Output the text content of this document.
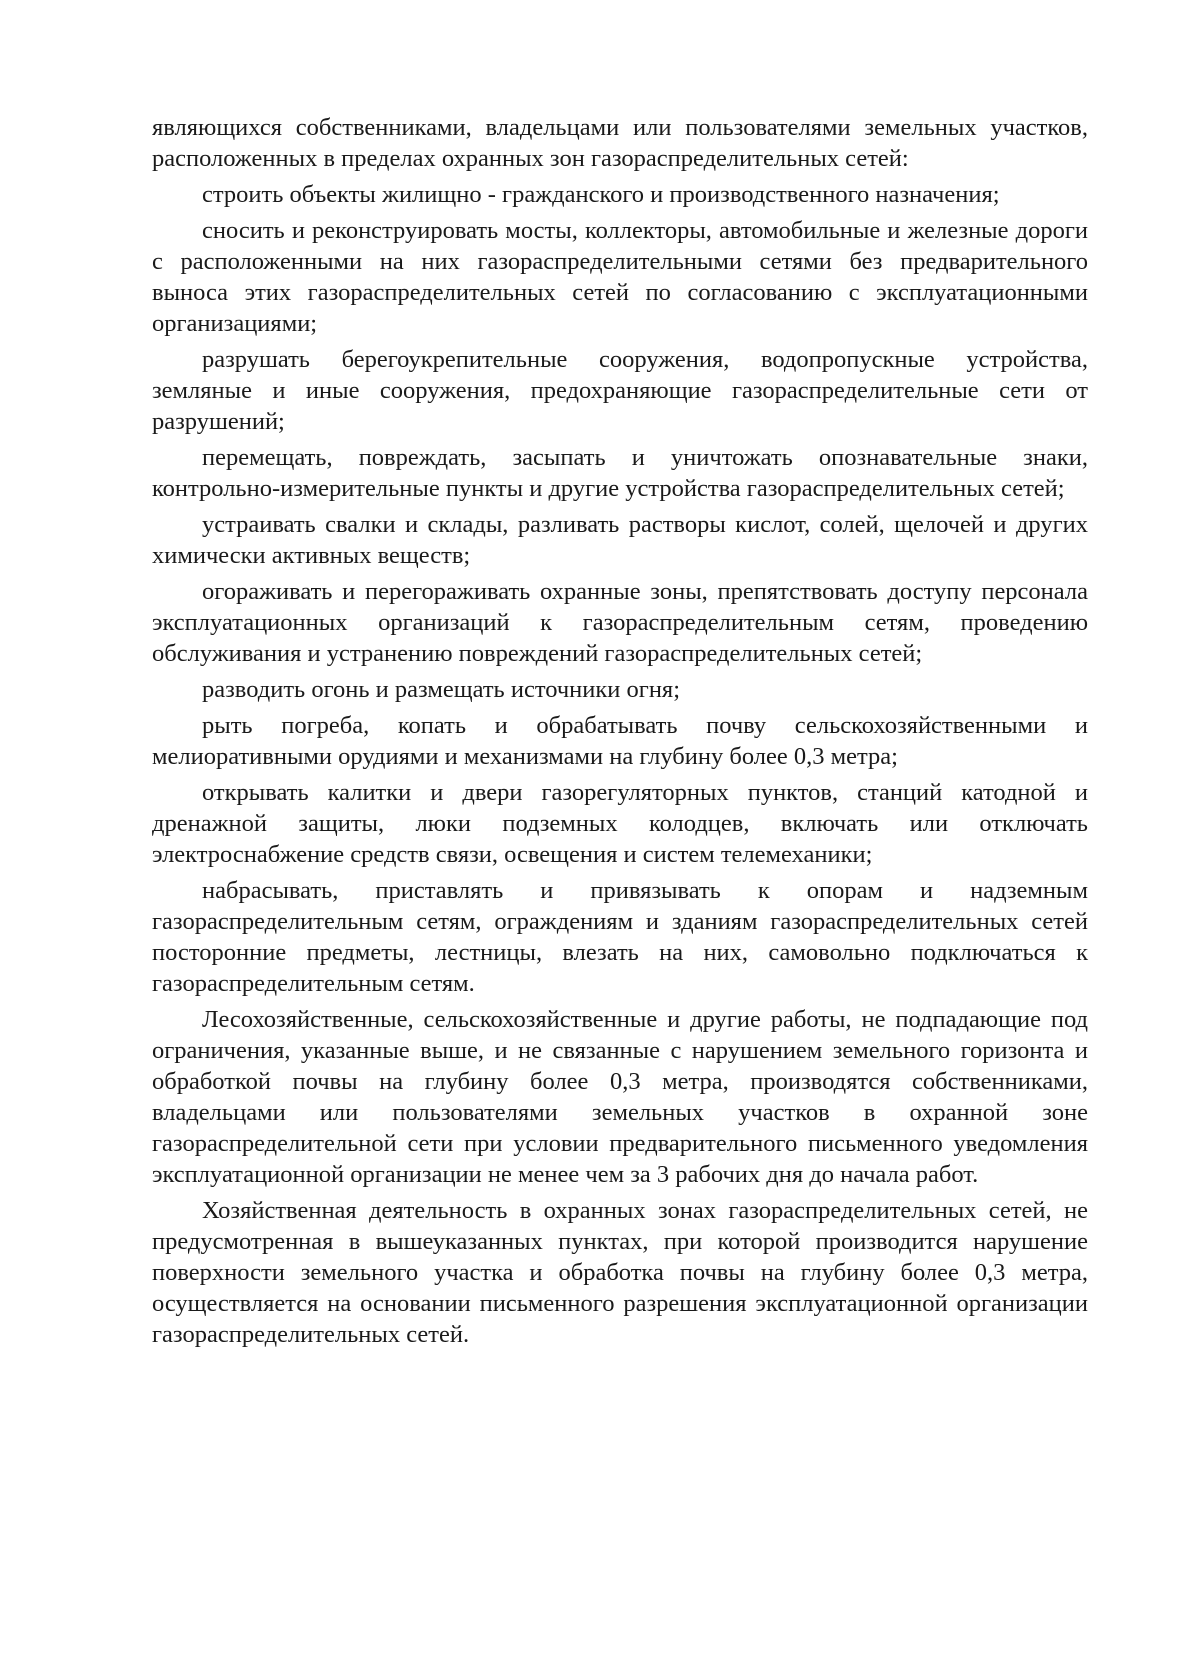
являющихся собственниками, владельцами или пользователями земельных участков, расположенных в пределах охранных зон газораспределительных сетей:

строить объекты жилищно - гражданского и производственного назначения;

сносить и реконструировать мосты, коллекторы, автомобильные и железные дороги с расположенными на них газораспределительными сетями без предварительного выноса этих газораспределительных сетей по согласованию с эксплуатационными организациями;

разрушать берегоукрепительные сооружения, водопропускные устройства, земляные и иные сооружения, предохраняющие газораспределительные сети от разрушений;

перемещать, повреждать, засыпать и уничтожать опознавательные знаки, контрольно-измерительные пункты и другие устройства газораспределительных сетей;

устраивать свалки и склады, разливать растворы кислот, солей, щелочей и других химически активных веществ;

огораживать и перегораживать охранные зоны, препятствовать доступу персонала эксплуатационных организаций к газораспределительным сетям, проведению обслуживания и устранению повреждений газораспределительных сетей;

разводить огонь и размещать источники огня;

рыть погреба, копать и обрабатывать почву сельскохозяйственными и мелиоративными орудиями и механизмами на глубину более 0,3 метра;

открывать калитки и двери газорегуляторных пунктов, станций катодной и дренажной защиты, люки подземных колодцев, включать или отключать электроснабжение средств связи, освещения и систем телемеханики;

набрасывать, приставлять и привязывать к опорам и надземным газораспределительным сетям, ограждениям и зданиям газораспределительных сетей посторонние предметы, лестницы, влезать на них, самовольно подключаться к газораспределительным сетям.

Лесохозяйственные, сельскохозяйственные и другие работы, не подпадающие под ограничения, указанные выше, и не связанные с нарушением земельного горизонта и обработкой почвы на глубину более 0,3 метра, производятся собственниками, владельцами или пользователями земельных участков в охранной зоне газораспределительной сети при условии предварительного письменного уведомления эксплуатационной организации не менее чем за 3 рабочих дня до начала работ.

Хозяйственная деятельность в охранных зонах газораспределительных сетей, не предусмотренная в вышеуказанных пунктах, при которой производится нарушение поверхности земельного участка и обработка почвы на глубину более 0,3 метра, осуществляется на основании письменного разрешения эксплуатационной организации газораспределительных сетей.
